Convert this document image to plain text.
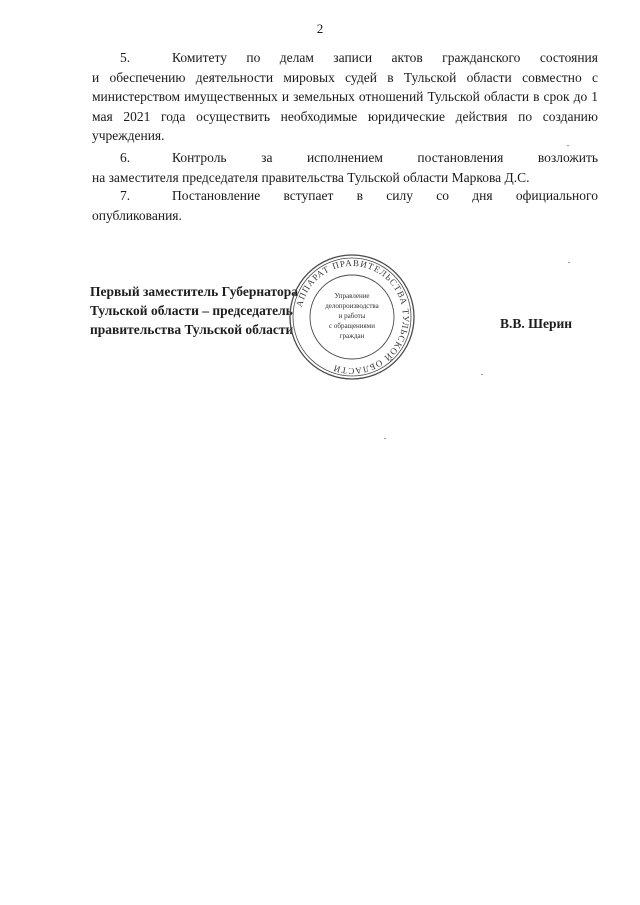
2
5.	Комитету по делам записи актов гражданского состояния
и обеспечению деятельности мировых судей в Тульской области совместно с министерством имущественных и земельных отношений Тульской области в срок до 1 мая 2021 года осуществить необходимые юридические действия по созданию учреждения.
6.	Контроль за исполнением постановления возложить
на заместителя председателя правительства Тульской области Маркова Д.С.
7.	Постановление вступает в силу со дня официального
опубликования.
Первый заместитель Губернатора
Тульской области – председатель
правительства Тульской области
АППАРАТ ПРАВИТЕЛЬСТВА ТУЛЬСКОЙ ОБЛАСТИ
Управление
делопроизводства
и работы
с обращениями
граждан
В.В. Шерин
